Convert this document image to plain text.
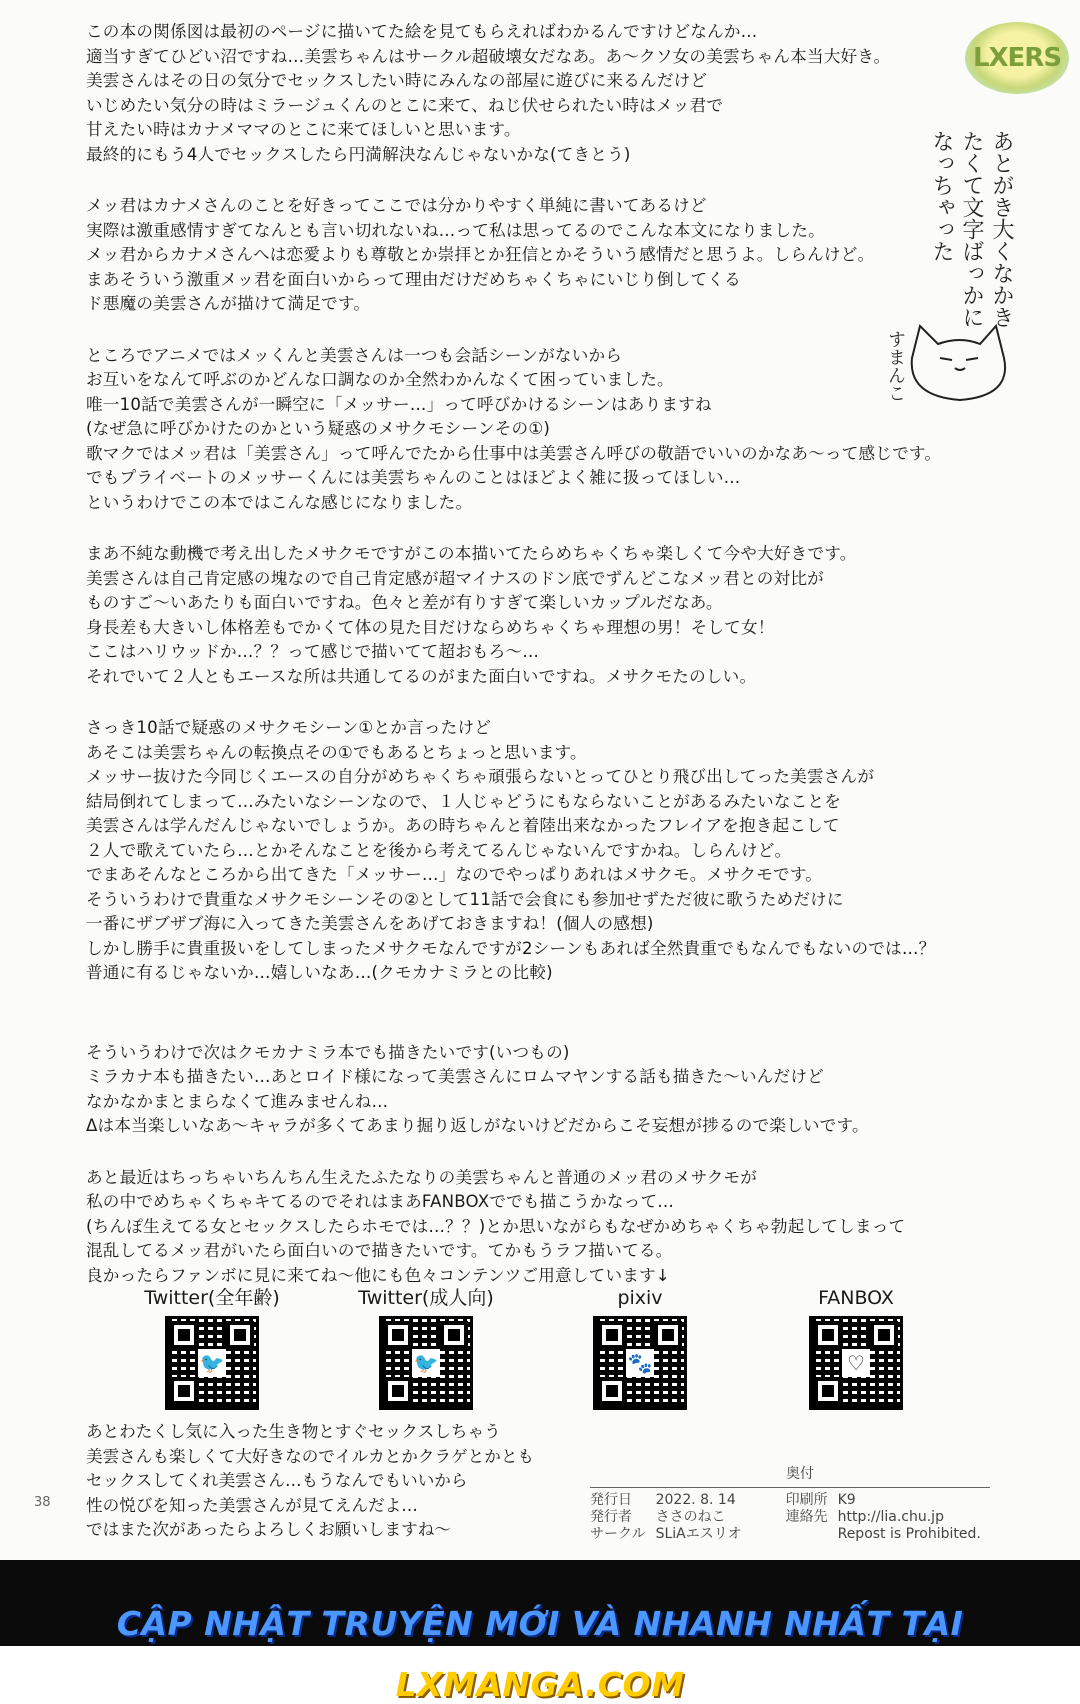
LXERS
この本の関係図は最初のページに描いてた絵を見てもらえればわかるんですけどなんか…
適当すぎてひどい沼ですね…美雲ちゃんはサークル超破壊女だなあ。あ〜クソ女の美雲ちゃん本当大好き。
美雲さんはその日の気分でセックスしたい時にみんなの部屋に遊びに来るんだけど
いじめたい気分の時はミラージュくんのとこに来て、ねじ伏せられたい時はメッ君で
甘えたい時はカナメママのとこに来てほしいと思います。
最終的にもう4人でセックスしたら円満解決なんじゃないかな(てきとう)
メッ君はカナメさんのことを好きってここでは分かりやすく単純に書いてあるけど
実際は激重感情すぎてなんとも言い切れないね…って私は思ってるのでこんな本文になりました。
メッ君からカナメさんへは恋愛よりも尊敬とか崇拝とか狂信とかそういう感情だと思うよ。しらんけど。
まあそういう激重メッ君を面白いからって理由だけだめちゃくちゃにいじり倒してくる
ド悪魔の美雲さんが描けて満足です。
ところでアニメではメッくんと美雲さんは一つも会話シーンがないから
お互いをなんて呼ぶのかどんな口調なのか全然わかんなくて困っていました。
唯一10話で美雲さんが一瞬空に「メッサー…」って呼びかけるシーンはありますね
(なぜ急に呼びかけたのかという疑惑のメサクモシーンその①)
歌マクではメッ君は「美雲さん」って呼んでたから仕事中は美雲さん呼びの敬語でいいのかなあ〜って感じです。
でもプライベートのメッサーくんには美雲ちゃんのことはほどよく雑に扱ってほしい…
というわけでこの本ではこんな感じになりました。
まあ不純な動機で考え出したメサクモですがこの本描いてたらめちゃくちゃ楽しくて今や大好きです。
美雲さんは自己肯定感の塊なので自己肯定感が超マイナスのドン底でずんどこなメッ君との対比が
ものすご〜いあたりも面白いですね。色々と差が有りすぎて楽しいカップルだなあ。
身長差も大きいし体格差もでかくて体の見た目だけならめちゃくちゃ理想の男！そして女！
ここはハリウッドか…？？って感じで描いてて超おもろ〜…
それでいて２人ともエースな所は共通してるのがまた面白いですね。メサクモたのしい。
さっき10話で疑惑のメサクモシーン①とか言ったけど
あそこは美雲ちゃんの転換点その①でもあるとちょっと思います。
メッサー抜けた今同じくエースの自分がめちゃくちゃ頑張らないとってひとり飛び出してった美雲さんが
結局倒れてしまって…みたいなシーンなので、１人じゃどうにもならないことがあるみたいなことを
美雲さんは学んだんじゃないでしょうか。あの時ちゃんと着陸出来なかったフレイアを抱き起こして
２人で歌えていたら…とかそんなことを後から考えてるんじゃないんですかね。しらんけど。
でまあそんなところから出てきた「メッサー…」なのでやっぱりあれはメサクモ。メサクモです。
そういうわけで貴重なメサクモシーンその②として11話で会食にも参加せずただ彼に歌うためだけに
一番にザブザブ海に入ってきた美雲さんをあげておきますね！(個人の感想)
しかし勝手に貴重扱いをしてしまったメサクモなんですが2シーンもあれば全然貴重でもなんでもないのでは…？
普通に有るじゃないか…嬉しいなあ…(クモカナミラとの比較)
そういうわけで次はクモカナミラ本でも描きたいです(いつもの)
ミラカナ本も描きたい…あとロイド様になって美雲さんにロムマヤンする話も描きた〜いんだけど
なかなかまとまらなくて進みませんね…
Δは本当楽しいなあ〜キャラが多くてあまり掘り返しがないけどだからこそ妄想が捗るので楽しいです。
あと最近はちっちゃいちんちん生えたふたなりの美雲ちゃんと普通のメッ君のメサクモが
私の中でめちゃくちゃキてるのでそれはまあFANBOXででも描こうかなって…
(ちんぽ生えてる女とセックスしたらホモでは…？？)とか思いながらもなぜかめちゃくちゃ勃起してしまって
混乱してるメッ君がいたら面白いので描きたいです。てかもうラフ描いてる。
良かったらファンボに見に来てね〜他にも色々コンテンツご用意しています↓
あとがき大くなかきたくて文字ばっかになっちゃった
すまんこ
Twitter(全年齢)
🐦
Twitter(成人向)
🐦
pixiv
🐾
FANBOX
♡
あとわたくし気に入った生き物とすぐセックスしちゃう
美雲さんも楽しくて大好きなのでイルカとかクラゲとかとも
セックスしてくれ美雲さん…もうなんでもいいから
性の悦びを知った美雲さんが見てえんだよ…
ではまた次があったらよろしくお願いしますね〜
38
奥付
発行日	2022. 8. 14	印刷所	K9
発行者	ささのねこ	連絡先	http://lia.chu.jp
サークル	SLiAエスリオ		Repost is Prohibited.
CẬP NHẬT TRUYỆN MỚI VÀ NHANH NHẤT TẠILXMANGA.COM
